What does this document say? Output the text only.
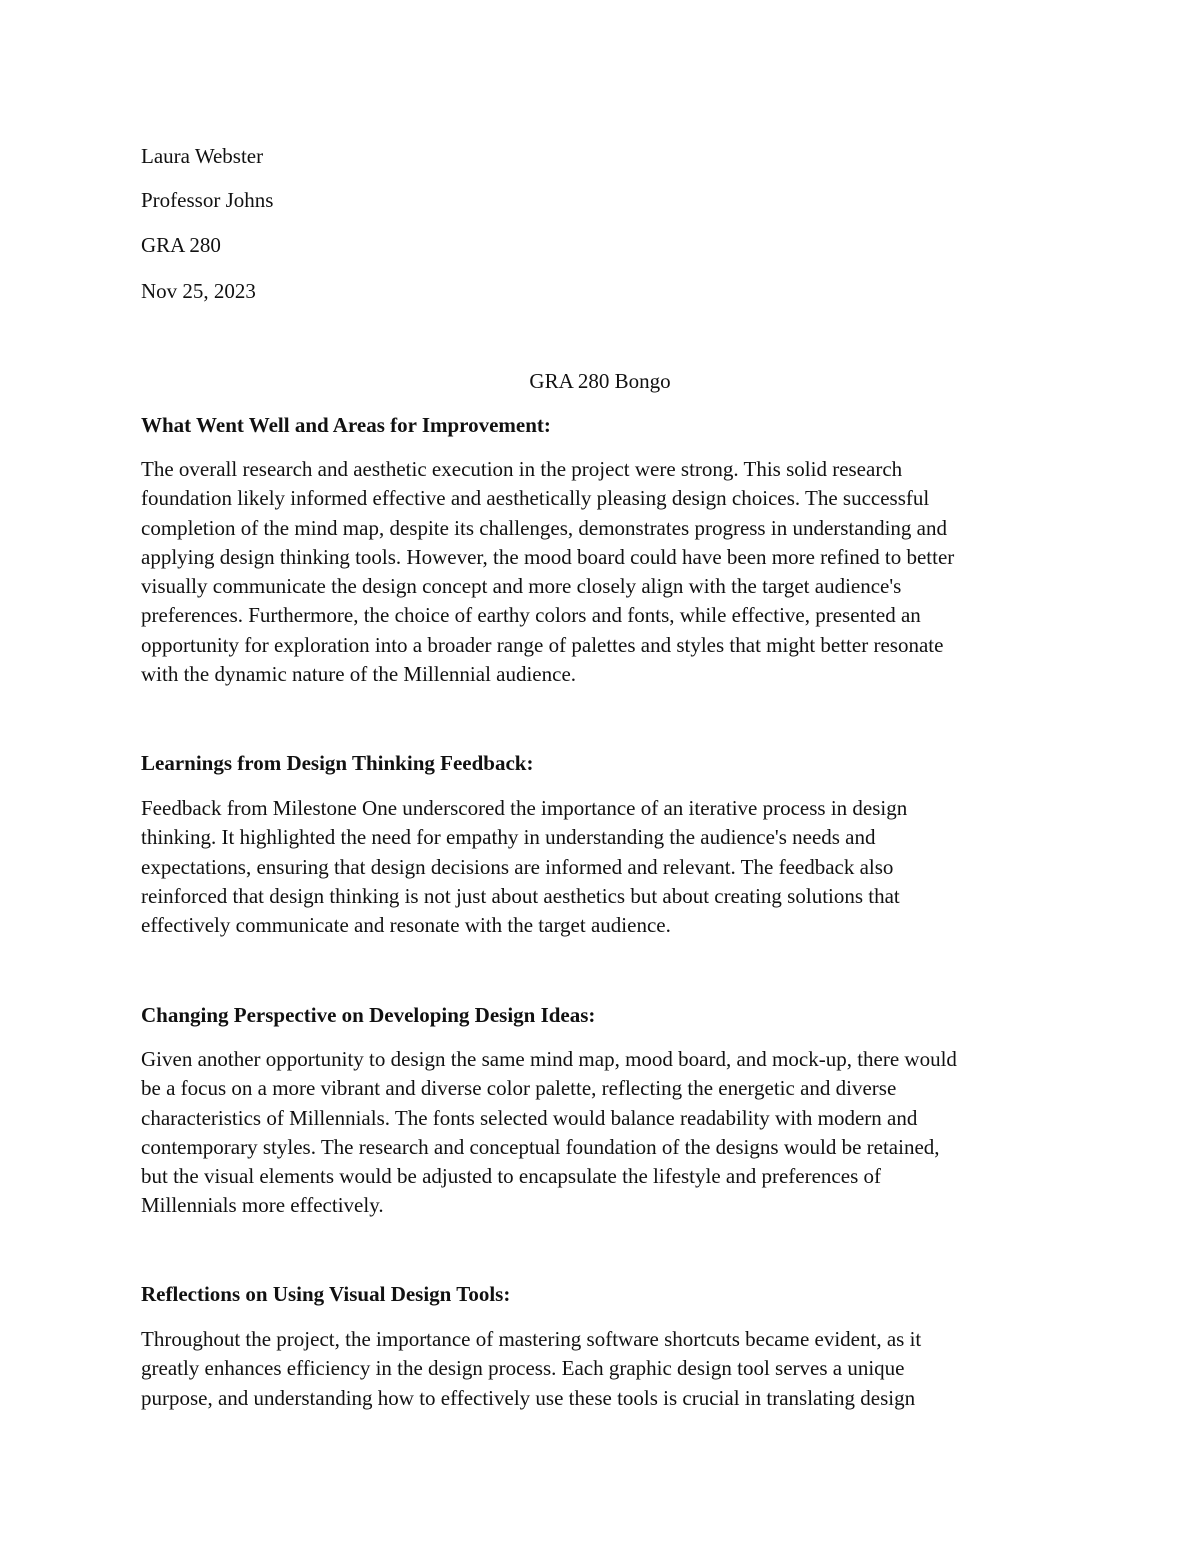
Laura Webster
Professor Johns
GRA 280
Nov 25, 2023
GRA 280 Bongo
What Went Well and Areas for Improvement:
The overall research and aesthetic execution in the project were strong. This solid research
foundation likely informed effective and aesthetically pleasing design choices. The successful
completion of the mind map, despite its challenges, demonstrates progress in understanding and
applying design thinking tools. However, the mood board could have been more refined to better
visually communicate the design concept and more closely align with the target audience's
preferences. Furthermore, the choice of earthy colors and fonts, while effective, presented an
opportunity for exploration into a broader range of palettes and styles that might better resonate
with the dynamic nature of the Millennial audience.
Learnings from Design Thinking Feedback:
Feedback from Milestone One underscored the importance of an iterative process in design
thinking. It highlighted the need for empathy in understanding the audience's needs and
expectations, ensuring that design decisions are informed and relevant. The feedback also
reinforced that design thinking is not just about aesthetics but about creating solutions that
effectively communicate and resonate with the target audience.
Changing Perspective on Developing Design Ideas:
Given another opportunity to design the same mind map, mood board, and mock-up, there would
be a focus on a more vibrant and diverse color palette, reflecting the energetic and diverse
characteristics of Millennials. The fonts selected would balance readability with modern and
contemporary styles. The research and conceptual foundation of the designs would be retained,
but the visual elements would be adjusted to encapsulate the lifestyle and preferences of
Millennials more effectively.
Reflections on Using Visual Design Tools:
Throughout the project, the importance of mastering software shortcuts became evident, as it
greatly enhances efficiency in the design process. Each graphic design tool serves a unique
purpose, and understanding how to effectively use these tools is crucial in translating design
